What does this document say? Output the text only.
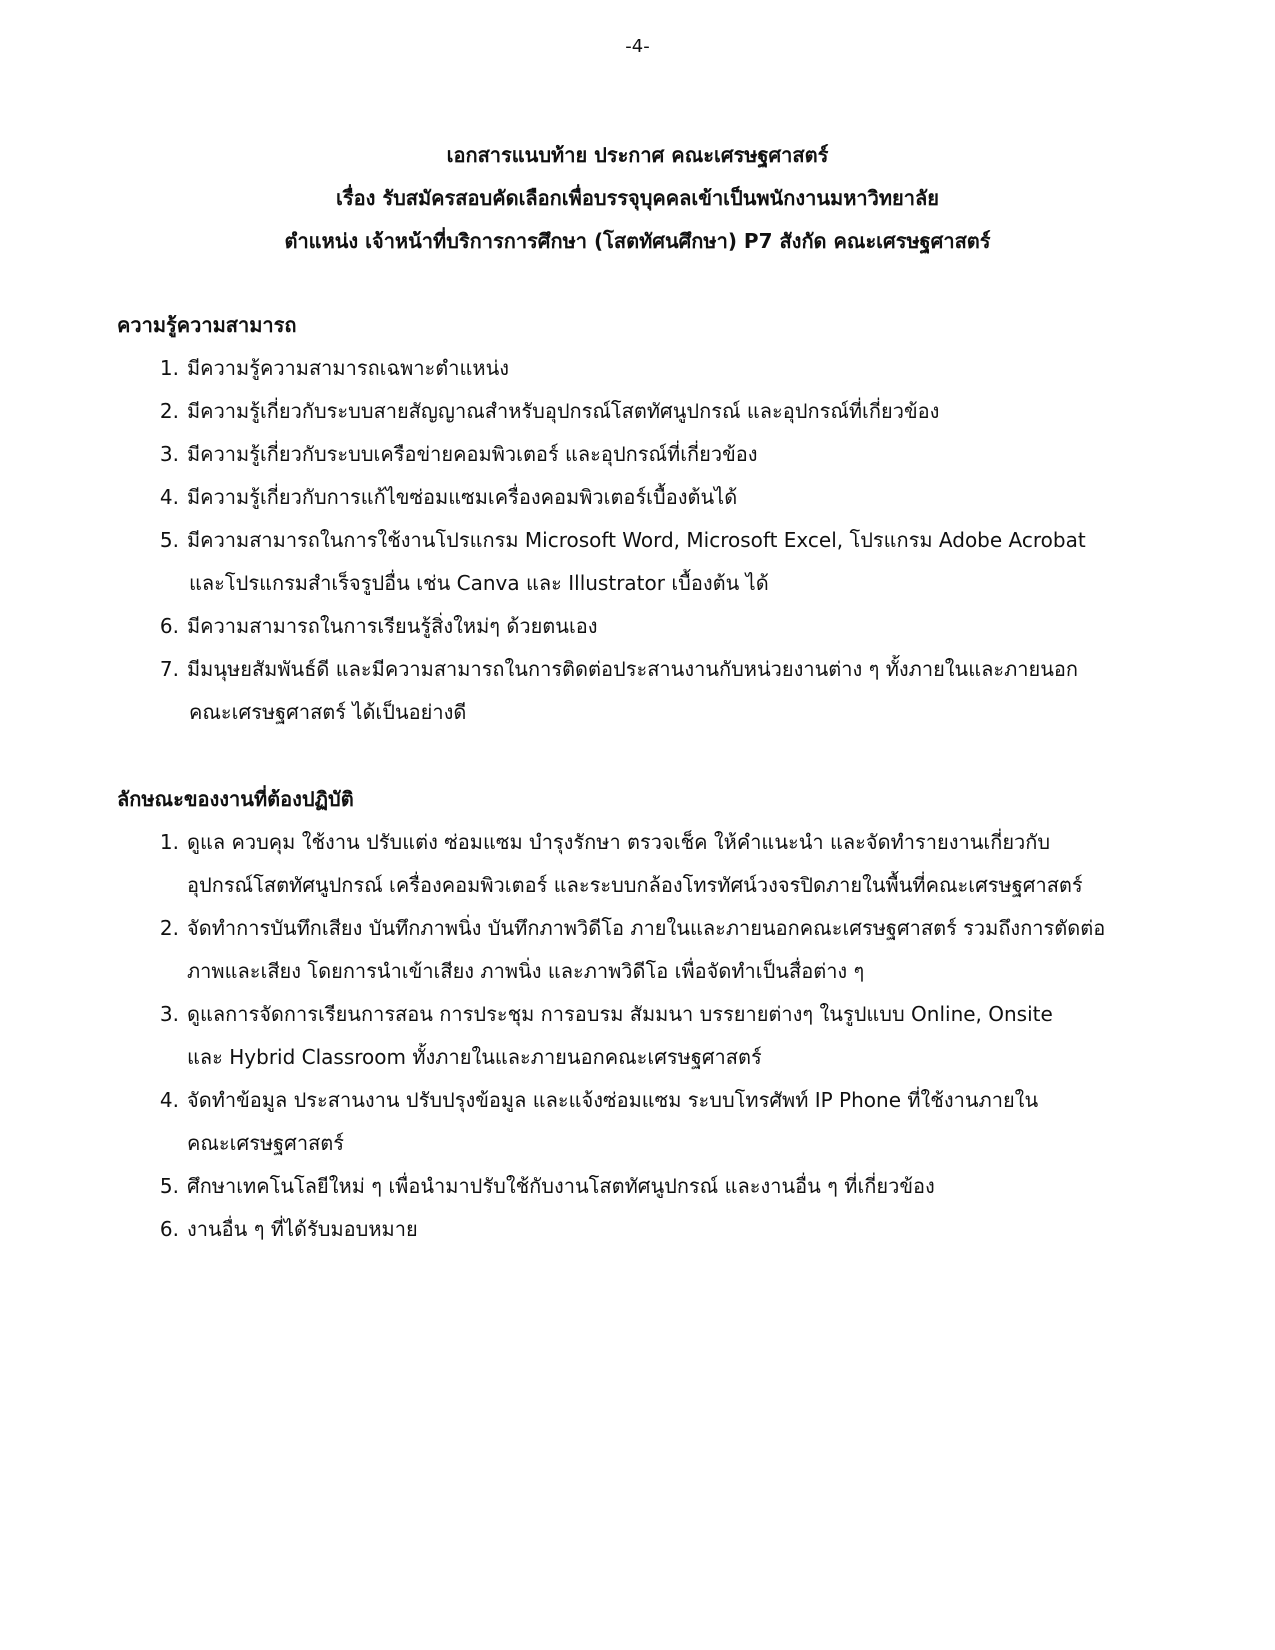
-4-
เอกสารแนบท้าย ประกาศ คณะเศรษฐศาสตร์
เรื่อง รับสมัครสอบคัดเลือกเพื่อบรรจุบุคคลเข้าเป็นพนักงานมหาวิทยาลัย
ตำแหน่ง เจ้าหน้าที่บริการการศึกษา (โสตทัศนศึกษา) P7 สังกัด คณะเศรษฐศาสตร์
ความรู้ความสามารถ
1. มีความรู้ความสามารถเฉพาะตำแหน่ง
2. มีความรู้เกี่ยวกับระบบสายสัญญาณสำหรับอุปกรณ์โสตทัศนูปกรณ์ และอุปกรณ์ที่เกี่ยวข้อง
3. มีความรู้เกี่ยวกับระบบเครือข่ายคอมพิวเตอร์ และอุปกรณ์ที่เกี่ยวข้อง
4. มีความรู้เกี่ยวกับการแก้ไขซ่อมแซมเครื่องคอมพิวเตอร์เบื้องต้นได้
5. มีความสามารถในการใช้งานโปรแกรม Microsoft Word, Microsoft Excel, โปรแกรม Adobe Acrobat
และโปรแกรมสำเร็จรูปอื่น เช่น Canva และ Illustrator เบื้องต้น ได้
6. มีความสามารถในการเรียนรู้สิ่งใหม่ๆ ด้วยตนเอง
7. มีมนุษยสัมพันธ์ดี และมีความสามารถในการติดต่อประสานงานกับหน่วยงานต่าง ๆ ทั้งภายในและภายนอก
คณะเศรษฐศาสตร์ ได้เป็นอย่างดี
ลักษณะของงานที่ต้องปฏิบัติ
1. ดูแล ควบคุม ใช้งาน ปรับแต่ง ซ่อมแซม บำรุงรักษา ตรวจเช็ค ให้คำแนะนำ และจัดทำรายงานเกี่ยวกับ
อุปกรณ์โสตทัศนูปกรณ์ เครื่องคอมพิวเตอร์ และระบบกล้องโทรทัศน์วงจรปิดภายในพื้นที่คณะเศรษฐศาสตร์
2. จัดทำการบันทึกเสียง บันทึกภาพนิ่ง บันทึกภาพวิดีโอ ภายในและภายนอกคณะเศรษฐศาสตร์ รวมถึงการตัดต่อ
ภาพและเสียง โดยการนำเข้าเสียง ภาพนิ่ง และภาพวิดีโอ เพื่อจัดทำเป็นสื่อต่าง ๆ
3. ดูแลการจัดการเรียนการสอน การประชุม การอบรม สัมมนา บรรยายต่างๆ ในรูปแบบ Online, Onsite
และ Hybrid Classroom ทั้งภายในและภายนอกคณะเศรษฐศาสตร์
4. จัดทำข้อมูล ประสานงาน ปรับปรุงข้อมูล และแจ้งซ่อมแซม ระบบโทรศัพท์ IP Phone ที่ใช้งานภายใน
คณะเศรษฐศาสตร์
5. ศึกษาเทคโนโลยีใหม่ ๆ เพื่อนำมาปรับใช้กับงานโสตทัศนูปกรณ์ และงานอื่น ๆ ที่เกี่ยวข้อง
6. งานอื่น ๆ ที่ได้รับมอบหมาย
